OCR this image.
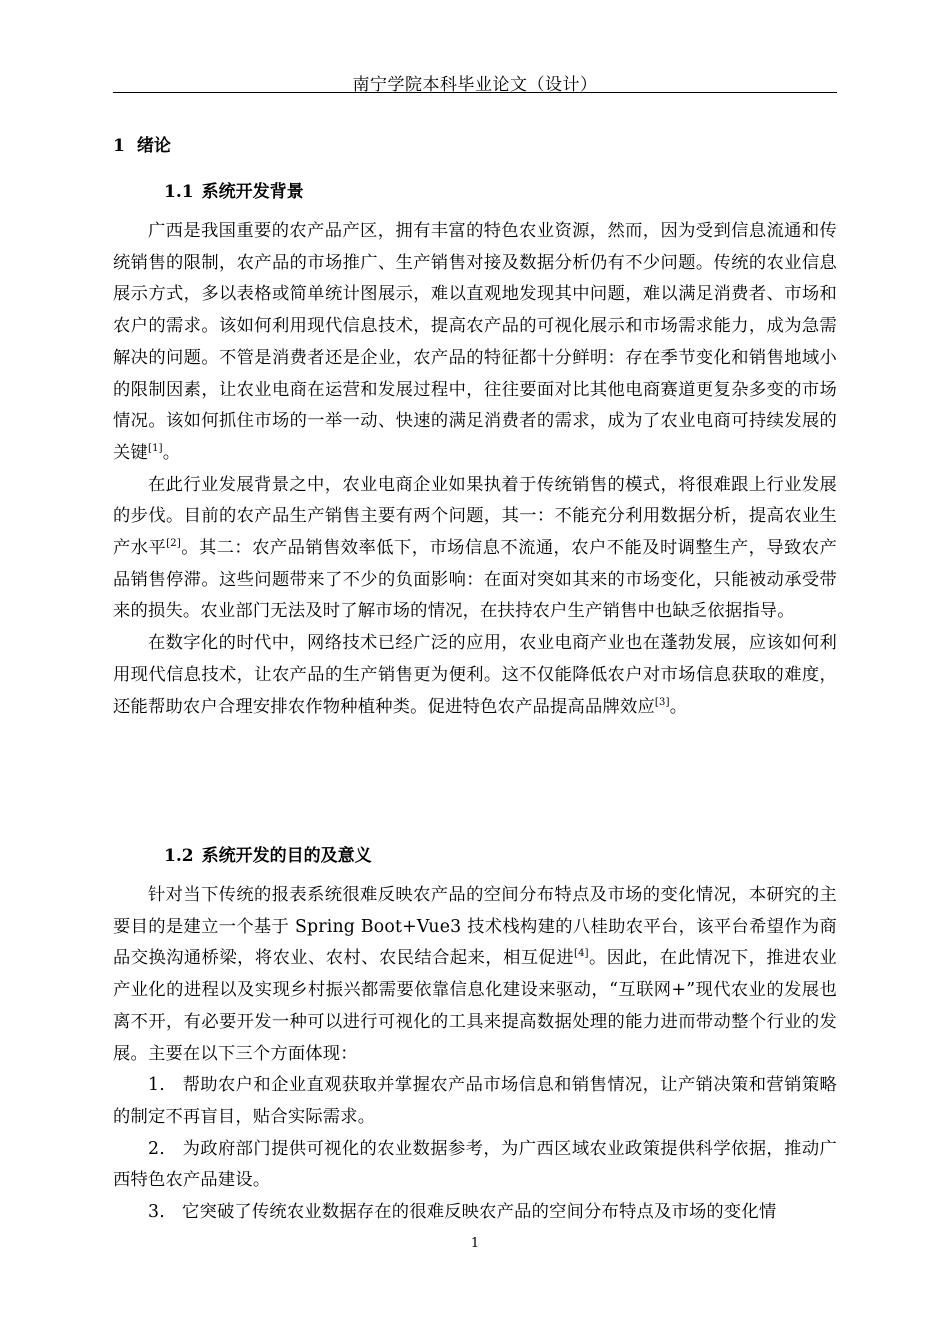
南宁学院本科毕业论文（设计）
1 绪论
1.1 系统开发背景

广西是我国重要的农产品产区，拥有丰富的特色农业资源，然而，因为受到信息流通和传统销售的限制，农产品的市场推广、生产销售对接及数据分析仍有不少问题。传统的农业信息展示方式，多以表格或简单统计图展示，难以直观地发现其中问题，难以满足消费者、市场和农户的需求。该如何利用现代信息技术，提高农产品的可视化展示和市场需求能力，成为急需解决的问题。不管是消费者还是企业，农产品的特征都十分鲜明：存在季节变化和销售地域小的限制因素，让农业电商在运营和发展过程中，往往要面对比其他电商赛道更复杂多变的市场情况。该如何抓住市场的一举一动、快速的满足消费者的需求，成为了农业电商可持续发展的关键[1]。

在此行业发展背景之中，农业电商企业如果执着于传统销售的模式，将很难跟上行业发展的步伐。目前的农产品生产销售主要有两个问题，其一：不能充分利用数据分析，提高农业生产水平[2]。其二：农产品销售效率低下，市场信息不流通，农户不能及时调整生产，导致农产品销售停滞。这些问题带来了不少的负面影响：在面对突如其来的市场变化，只能被动承受带来的损失。农业部门无法及时了解市场的情况，在扶持农户生产销售中也缺乏依据指导。

在数字化的时代中，网络技术已经广泛的应用，农业电商产业也在蓬勃发展，应该如何利用现代信息技术，让农产品的生产销售更为便利。这不仅能降低农户对市场信息获取的难度，还能帮助农户合理安排农作物种植种类。促进特色农产品提高品牌效应[3]。

1.2 系统开发的目的及意义

针对当下传统的报表系统很难反映农产品的空间分布特点及市场的变化情况，本研究的主要目的是建立一个基于 Spring Boot+Vue3 技术栈构建的八桂助农平台，该平台希望作为商品交换沟通桥梁，将农业、农村、农民结合起来，相互促进[4]。因此，在此情况下，推进农业产业化的进程以及实现乡村振兴都需要依靠信息化建设来驱动，“互联网+”现代农业的发展也离不开，有必要开发一种可以进行可视化的工具来提高数据处理的能力进而带动整个行业的发展。主要在以下三个方面体现：

1. 帮助农户和企业直观获取并掌握农产品市场信息和销售情况，让产销决策和营销策略的制定不再盲目，贴合实际需求。

2. 为政府部门提供可视化的农业数据参考，为广西区域农业政策提供科学依据，推动广西特色农产品建设。

3. 它突破了传统农业数据存在的很难反映农产品的空间分布特点及市场的变化情

1
